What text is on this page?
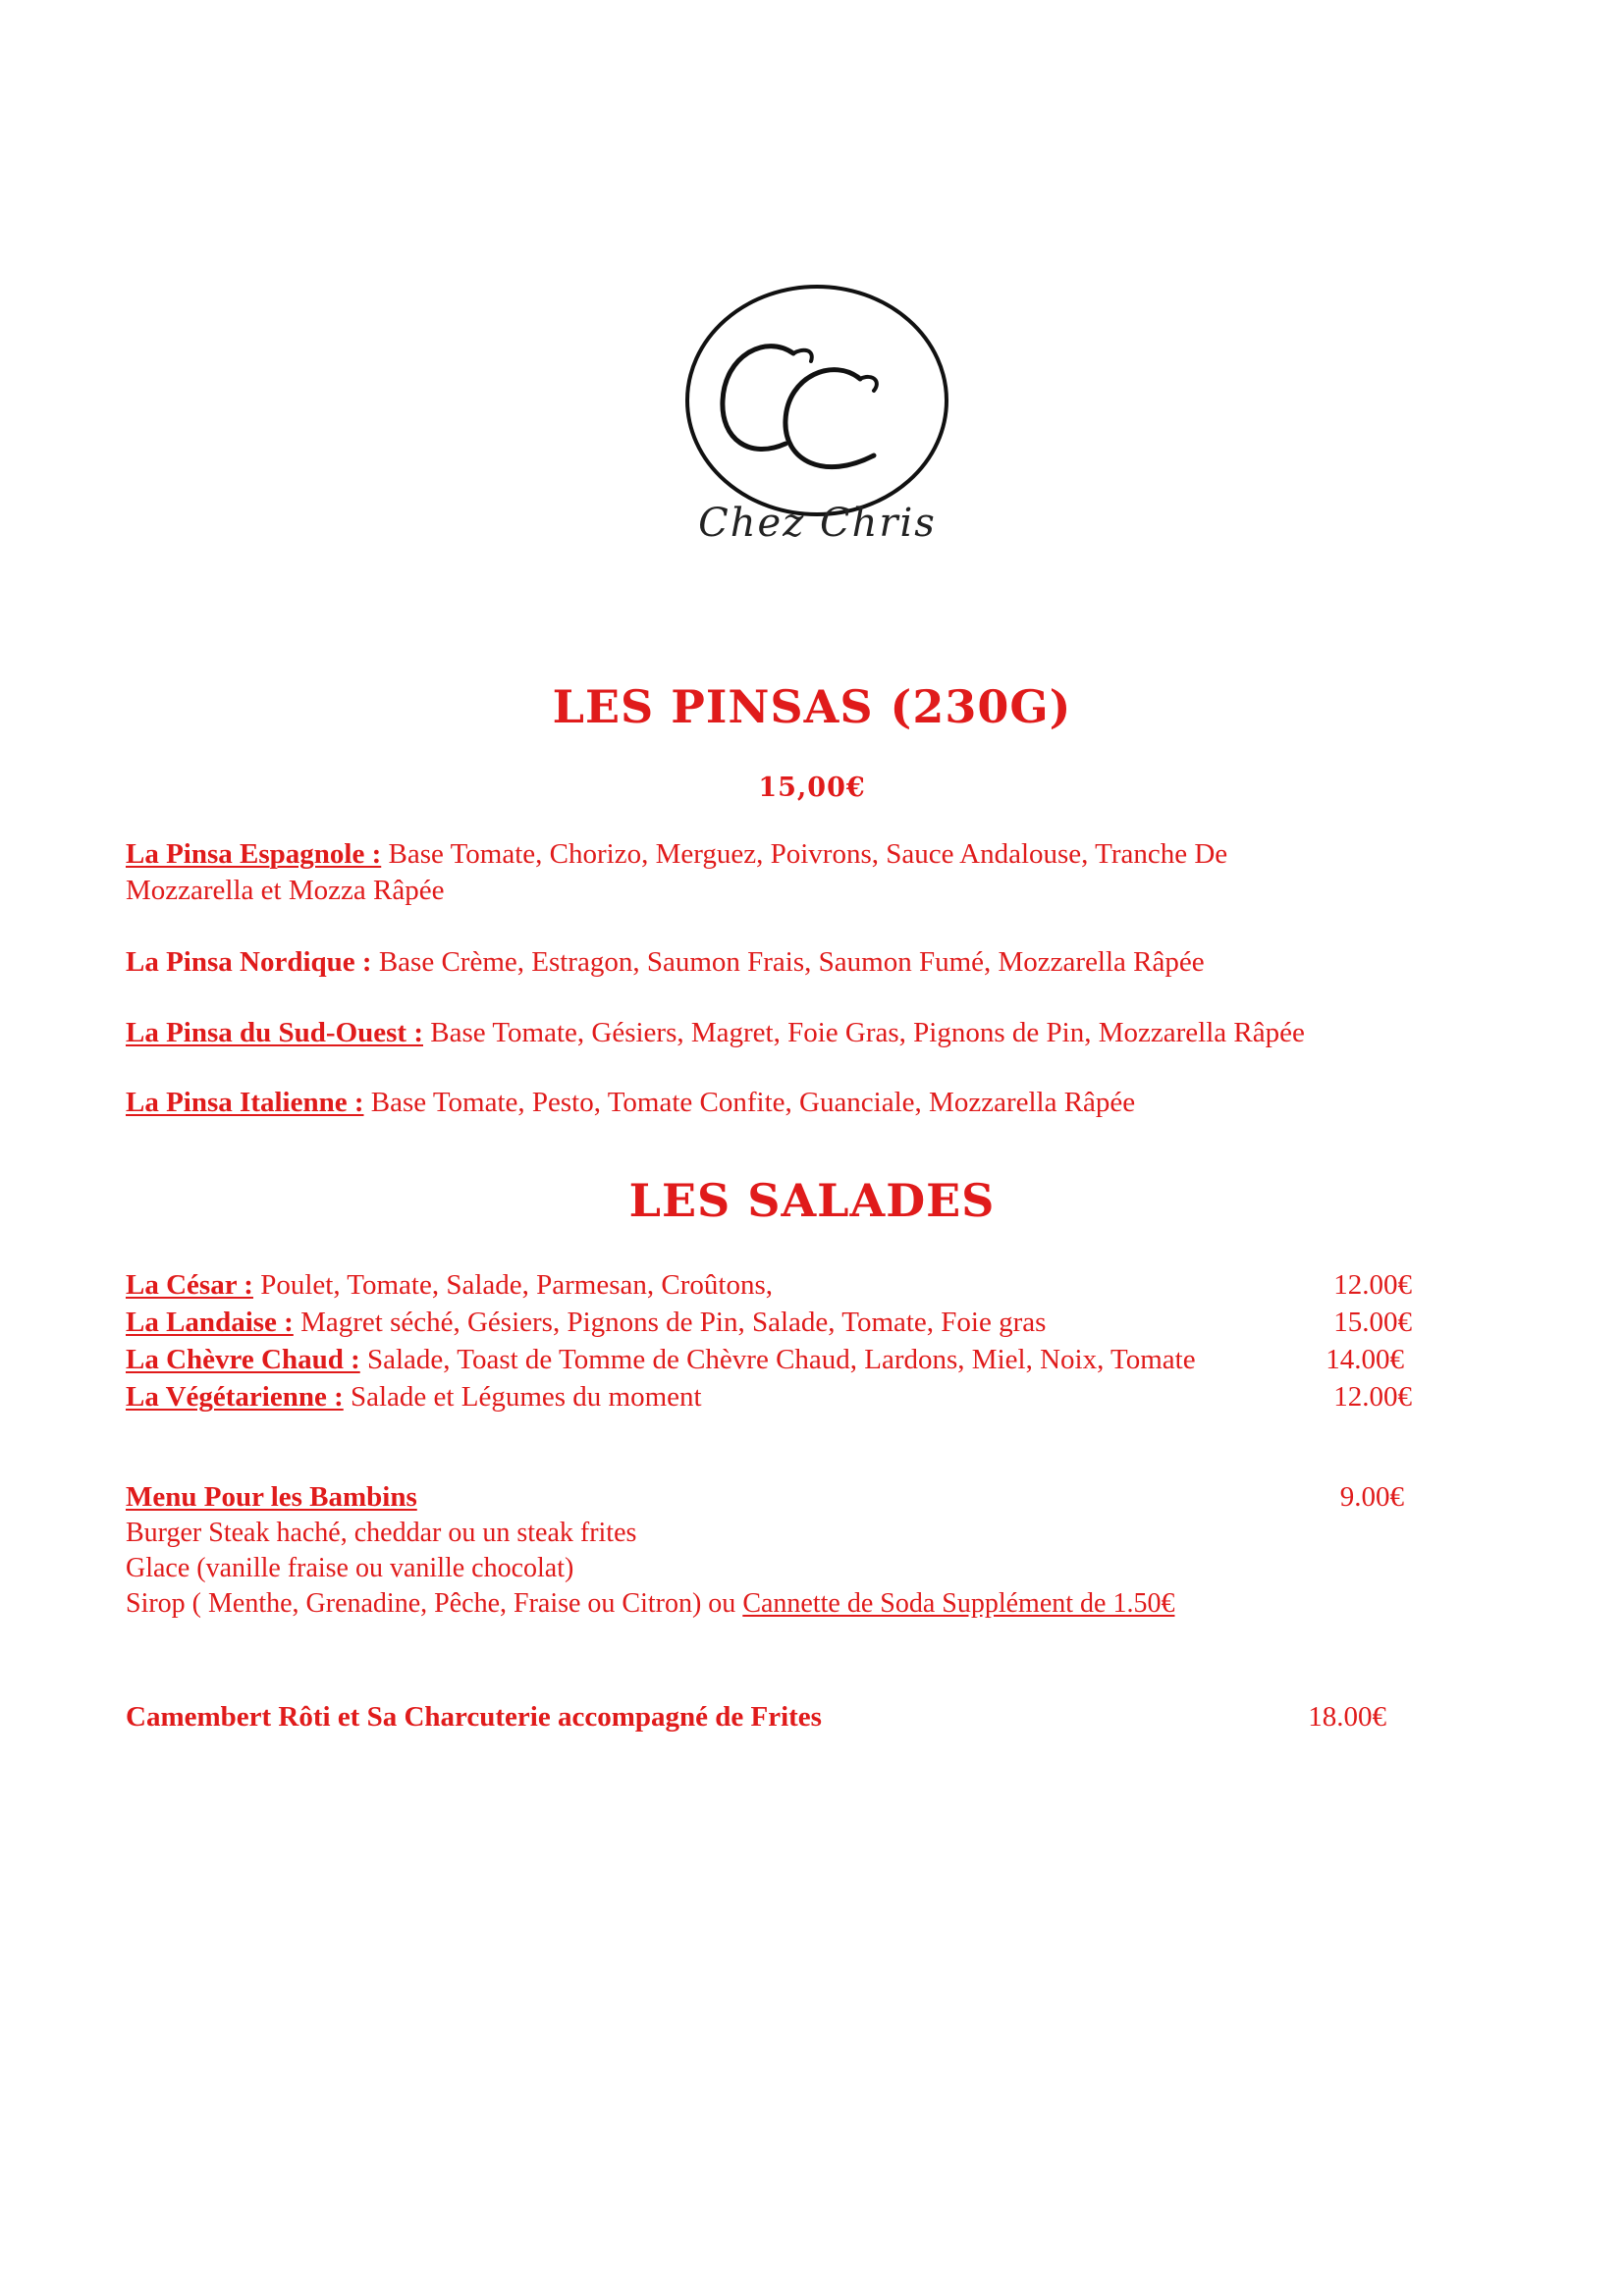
CC
Chez Chris
LES PINSAS (230G)
15,00€
La Pinsa Espagnole : Base Tomate, Chorizo, Merguez, Poivrons, Sauce Andalouse, Tranche De
Mozzarella et Mozza Râpée
La Pinsa Nordique : Base Crème, Estragon, Saumon Frais, Saumon Fumé, Mozzarella Râpée
La Pinsa du Sud-Ouest : Base Tomate, Gésiers, Magret, Foie Gras, Pignons de Pin, Mozzarella Râpée
La Pinsa Italienne : Base Tomate, Pesto, Tomate Confite, Guanciale, Mozzarella Râpée
LES SALADES
La César : Poulet, Tomate, Salade, Parmesan, Croûtons,	12.00€
La Landaise : Magret séché, Gésiers, Pignons de Pin, Salade, Tomate, Foie gras	15.00€
La Chèvre Chaud : Salade, Toast de Tomme de Chèvre Chaud, Lardons, Miel, Noix, Tomate	14.00€
La Végétarienne : Salade et Légumes du moment	12.00€
Menu Pour les Bambins	9.00€
Burger Steak haché, cheddar ou un steak frites
Glace (vanille fraise ou vanille chocolat)
Sirop ( Menthe, Grenadine, Pêche, Fraise ou Citron) ou Cannette de Soda Supplément de 1.50€
Camembert Rôti et Sa Charcuterie accompagné de Frites	18.00€
